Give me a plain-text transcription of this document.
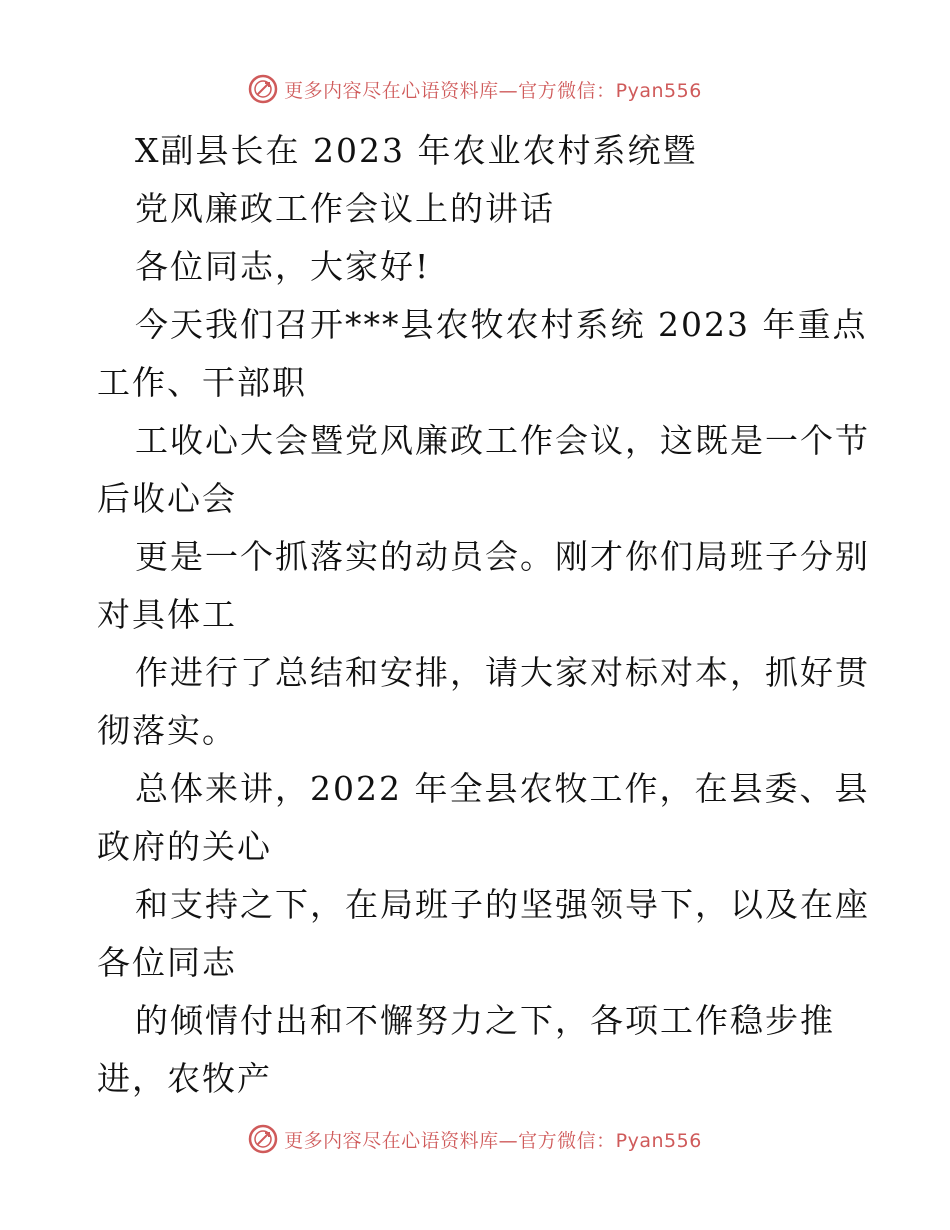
更多内容尽在心语资料库—官方微信：Pyan556
X副县长在 2023 年农业农村系统暨
党风廉政工作会议上的讲话
各位同志，大家好!
今天我们召开***县农牧农村系统 2023 年重点
工作、干部职
工收心大会暨党风廉政工作会议，这既是一个节
后收心会
更是一个抓落实的动员会。刚才你们局班子分别
对具体工
作进行了总结和安排，请大家对标对本，抓好贯
彻落实。
总体来讲，2022 年全县农牧工作，在县委、县
政府的关心
和支持之下，在局班子的坚强领导下，以及在座
各位同志
的倾情付出和不懈努力之下，各项工作稳步推
进，农牧产
更多内容尽在心语资料库—官方微信：Pyan556
